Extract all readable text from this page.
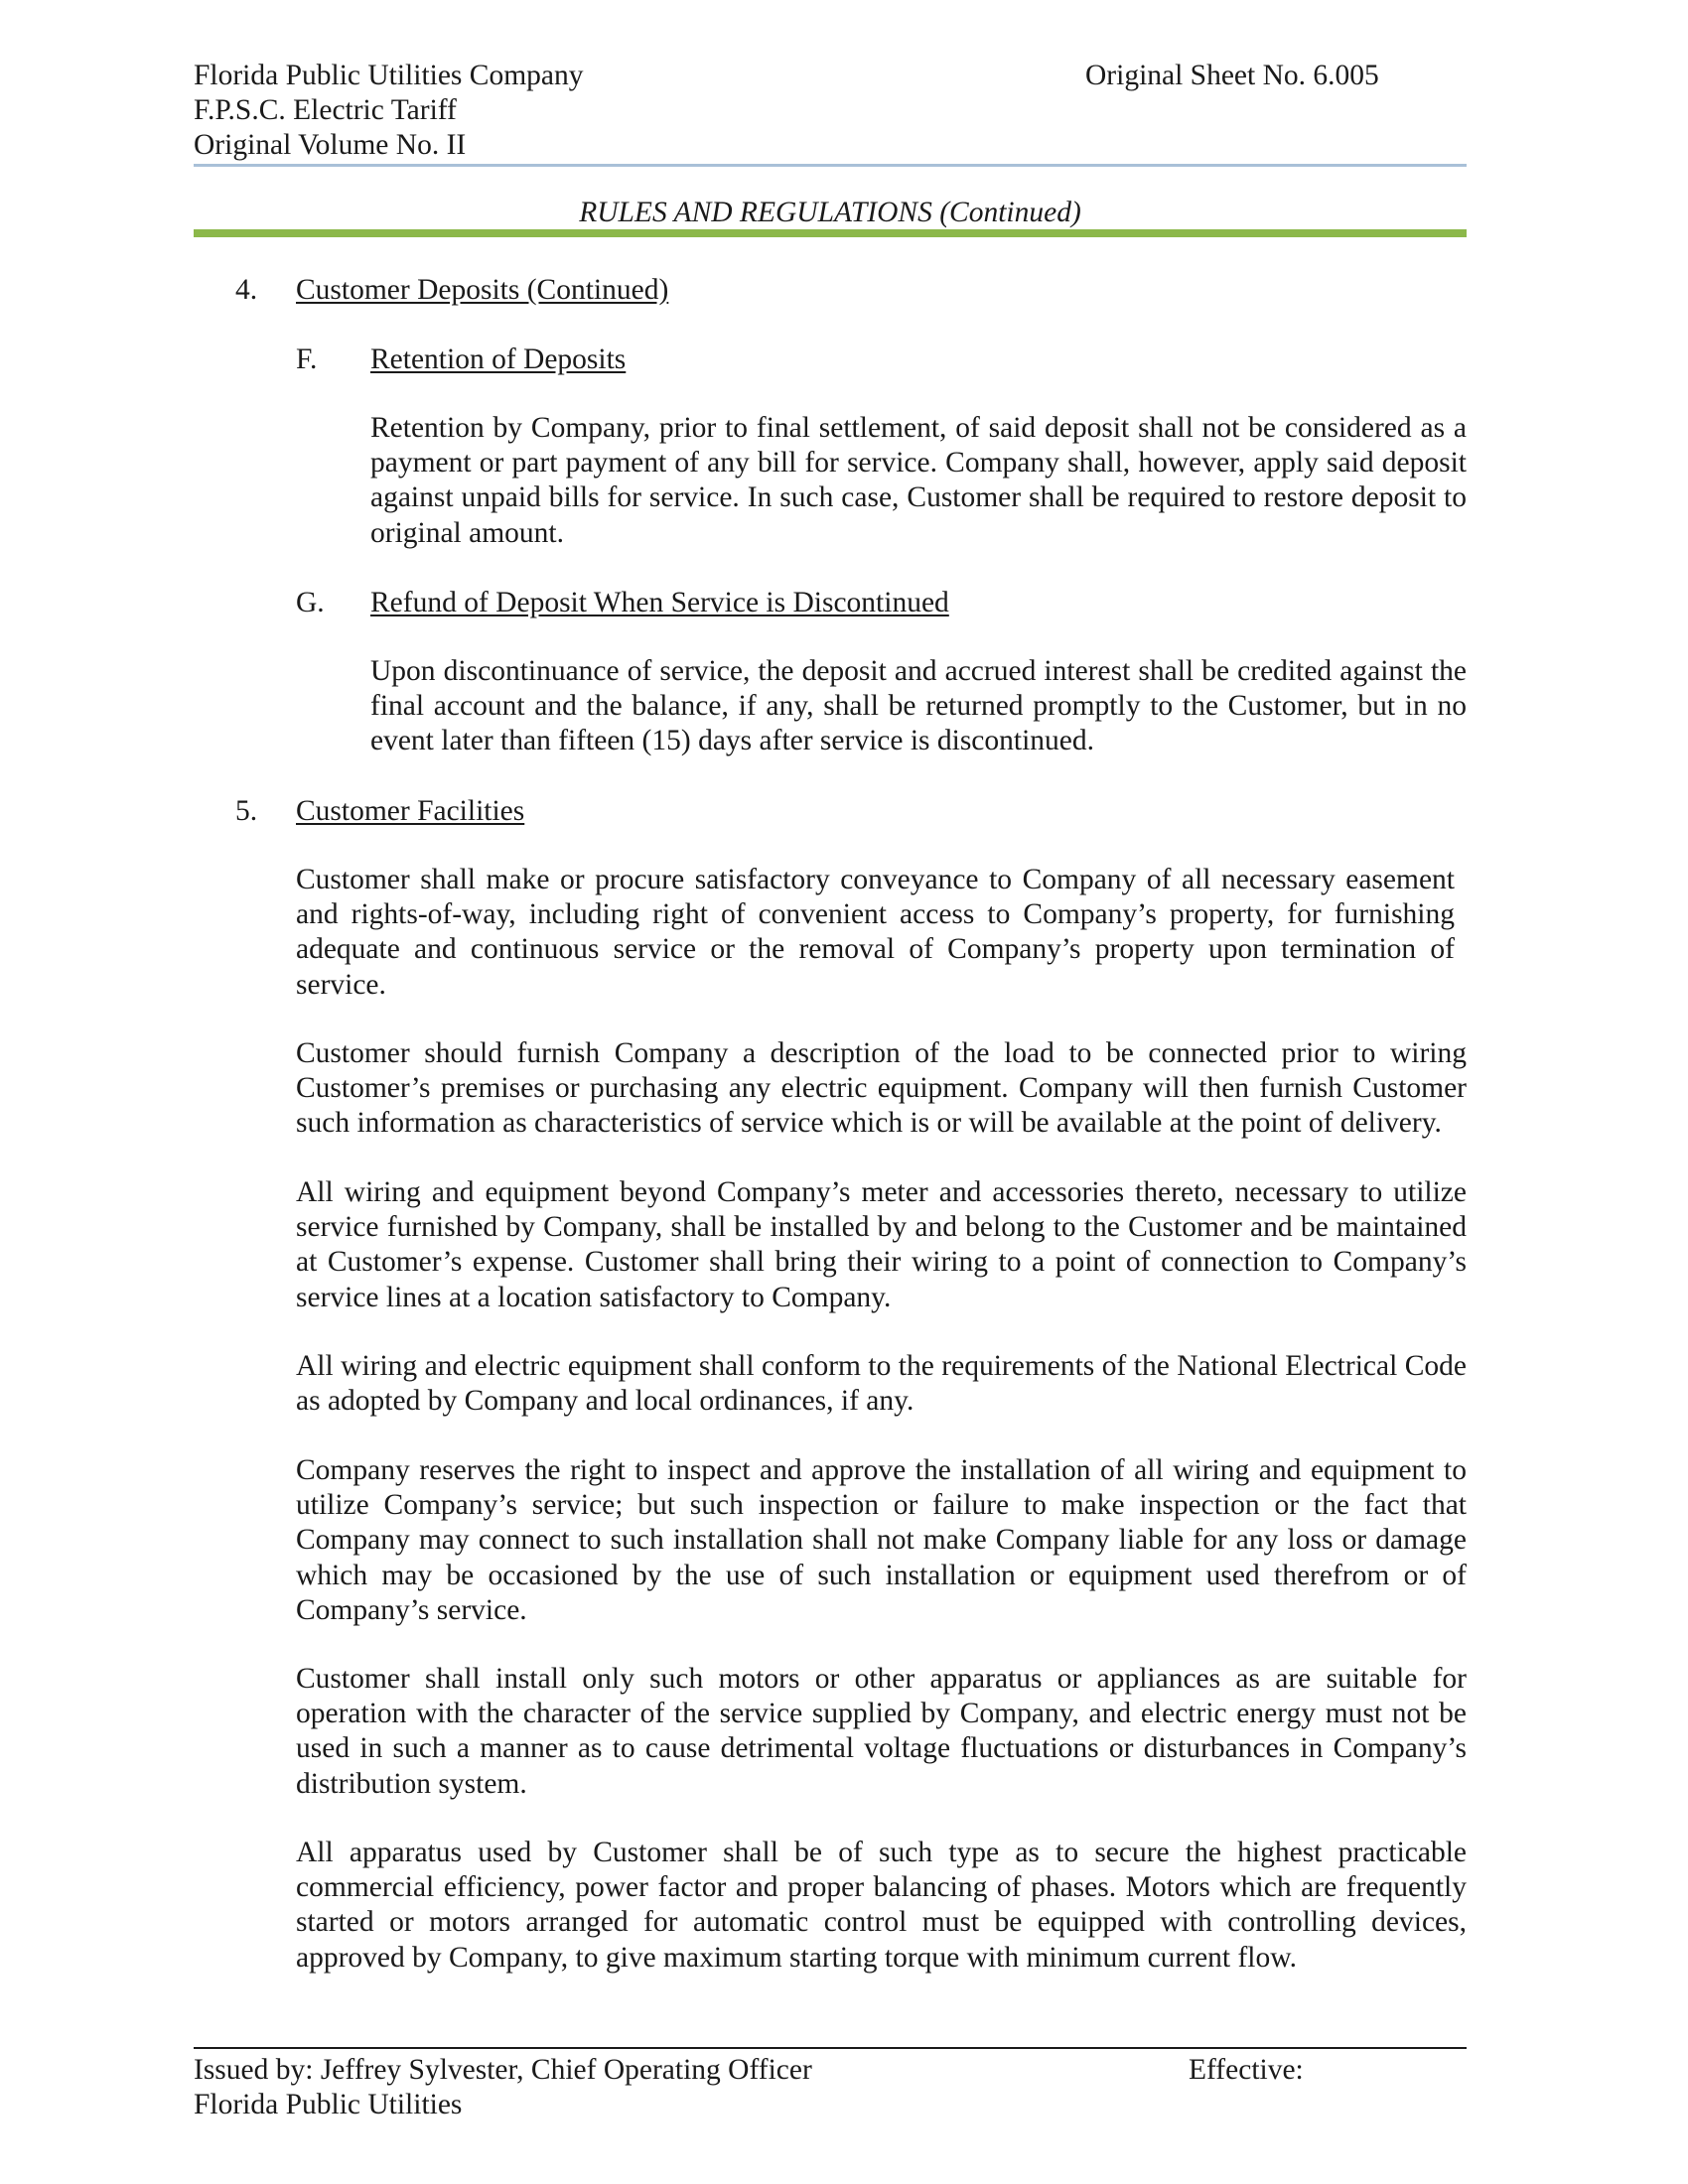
Florida Public Utilities Company
F.P.S.C. Electric Tariff
Original Volume No. II
Original Sheet No. 6.005
RULES AND REGULATIONS (Continued)
4. Customer Deposits (Continued)
F. Retention of Deposits

Retention by Company, prior to final settlement, of said deposit shall not be considered as a payment or part payment of any bill for service. Company shall, however, apply said deposit against unpaid bills for service. In such case, Customer shall be required to restore deposit to original amount.

G. Refund of Deposit When Service is Discontinued

Upon discontinuance of service, the deposit and accrued interest shall be credited against the final account and the balance, if any, shall be returned promptly to the Customer, but in no event later than fifteen (15) days after service is discontinued.

5. Customer Facilities

Customer shall make or procure satisfactory conveyance to Company of all necessary easement and rights-of-way, including right of convenient access to Company’s property, for furnishing adequate and continuous service or the removal of Company’s property upon termination of service.

Customer should furnish Company a description of the load to be connected prior to wiring Customer’s premises or purchasing any electric equipment. Company will then furnish Customer such information as characteristics of service which is or will be available at the point of delivery.

All wiring and equipment beyond Company’s meter and accessories thereto, necessary to utilize service furnished by Company, shall be installed by and belong to the Customer and be maintained at Customer’s expense. Customer shall bring their wiring to a point of connection to Company’s service lines at a location satisfactory to Company.

All wiring and electric equipment shall conform to the requirements of the National Electrical Code as adopted by Company and local ordinances, if any.

Company reserves the right to inspect and approve the installation of all wiring and equipment to utilize Company’s service; but such inspection or failure to make inspection or the fact that Company may connect to such installation shall not make Company liable for any loss or damage which may be occasioned by the use of such installation or equipment used therefrom or of Company’s service.

Customer shall install only such motors or other apparatus or appliances as are suitable for operation with the character of the service supplied by Company, and electric energy must not be used in such a manner as to cause detrimental voltage fluctuations or disturbances in Company’s distribution system.

All apparatus used by Customer shall be of such type as to secure the highest practicable commercial efficiency, power factor and proper balancing of phases. Motors which are frequently started or motors arranged for automatic control must be equipped with controlling devices, approved by Company, to give maximum starting torque with minimum current flow.

Issued by: Jeffrey Sylvester, Chief Operating Officer
Florida Public Utilities
Effective:
